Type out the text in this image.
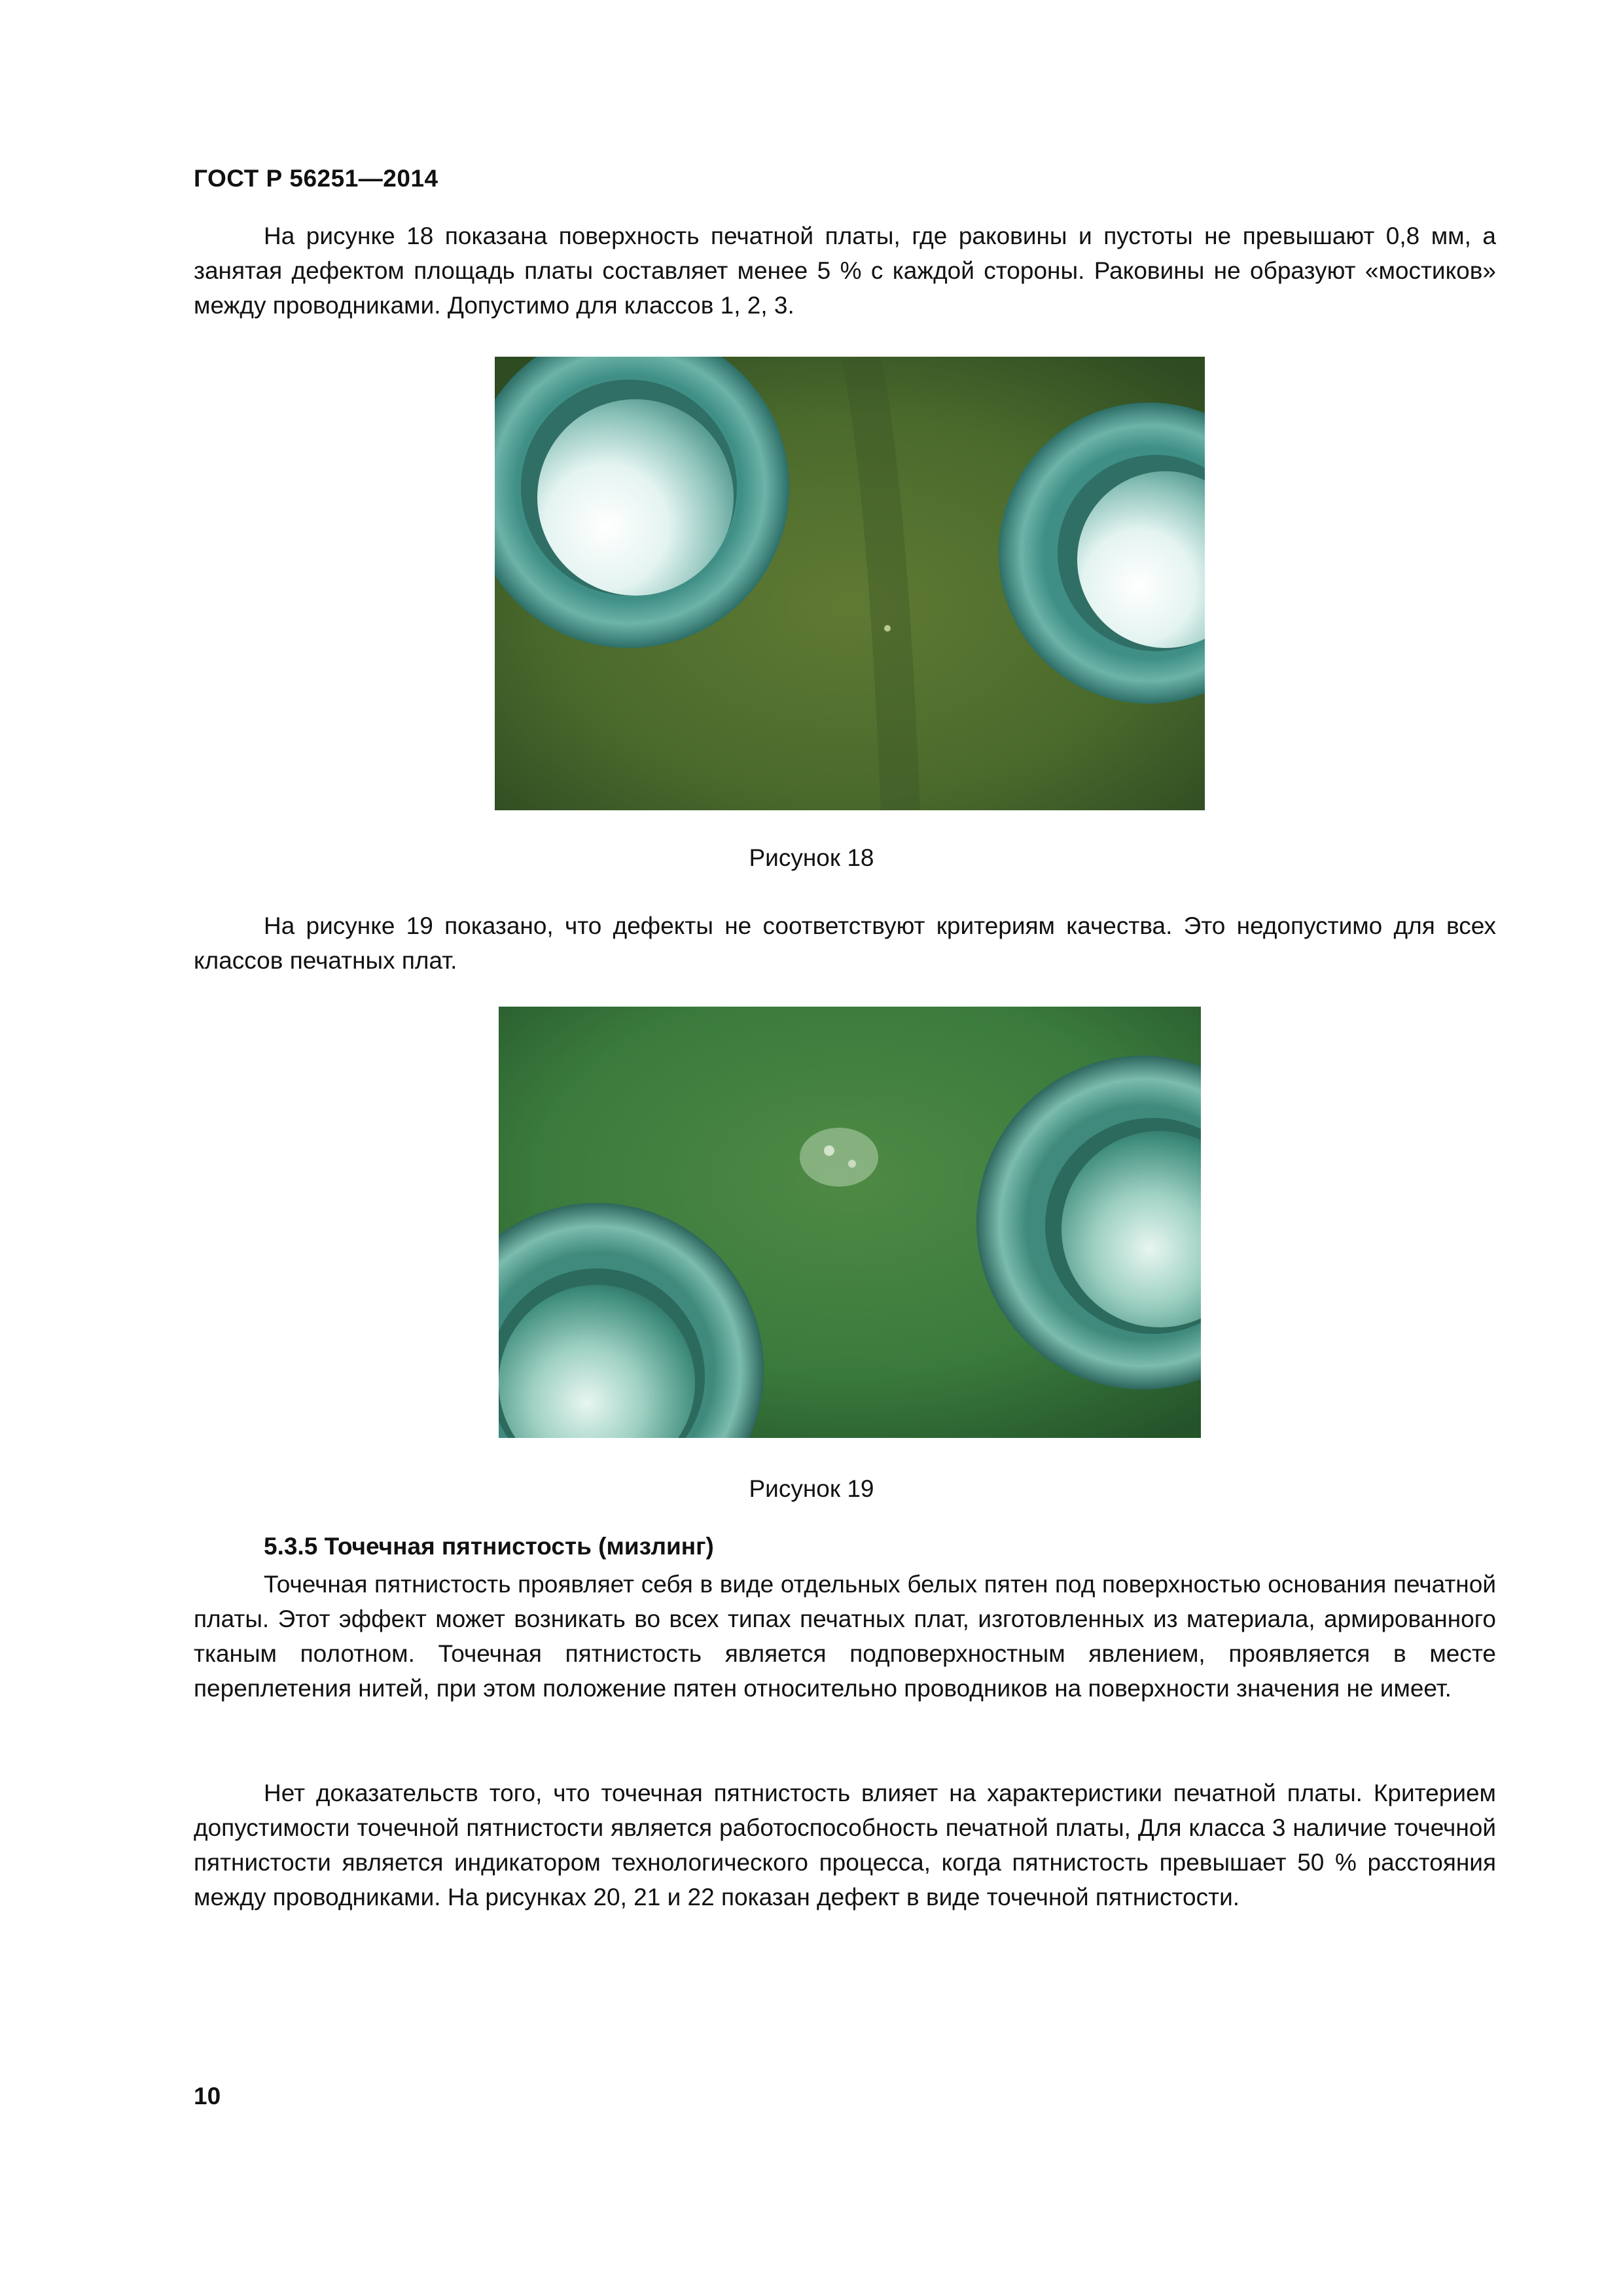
ГОСТ Р 56251—2014

На рисунке 18 показана поверхность печатной платы, где раковины и пустоты не превышают 0,8 мм, а занятая дефектом площадь платы составляет менее 5 % с каждой стороны. Раковины не образуют «мостиков» между проводниками. Допустимо для классов 1, 2, 3.

Рисунок 18

На рисунке 19 показано, что дефекты не соответствуют критериям качества. Это недопустимо для всех классов печатных плат.

Рисунок 19
5.3.5 Точечная пятнистость (мизлинг)

Точечная пятнистость проявляет себя в виде отдельных белых пятен под поверхностью основания печатной платы. Этот эффект может возникать во всех типах печатных плат, изготовленных из материала, армированного тканым полотном. Точечная пятнистость является подповерхностным явлением, проявляется в месте переплетения нитей, при этом положение пятен относительно проводников на поверхности значения не имеет.

Нет доказательств того, что точечная пятнистость влияет на характеристики печатной платы. Критерием допустимости точечной пятнистости является работоспособность печатной платы, Для класса 3 наличие точечной пятнистости является индикатором технологического процесса, когда пятнистость превышает 50 % расстояния между проводниками. На рисунках 20, 21 и 22 показан дефект в виде точечной пятнистости.

10
